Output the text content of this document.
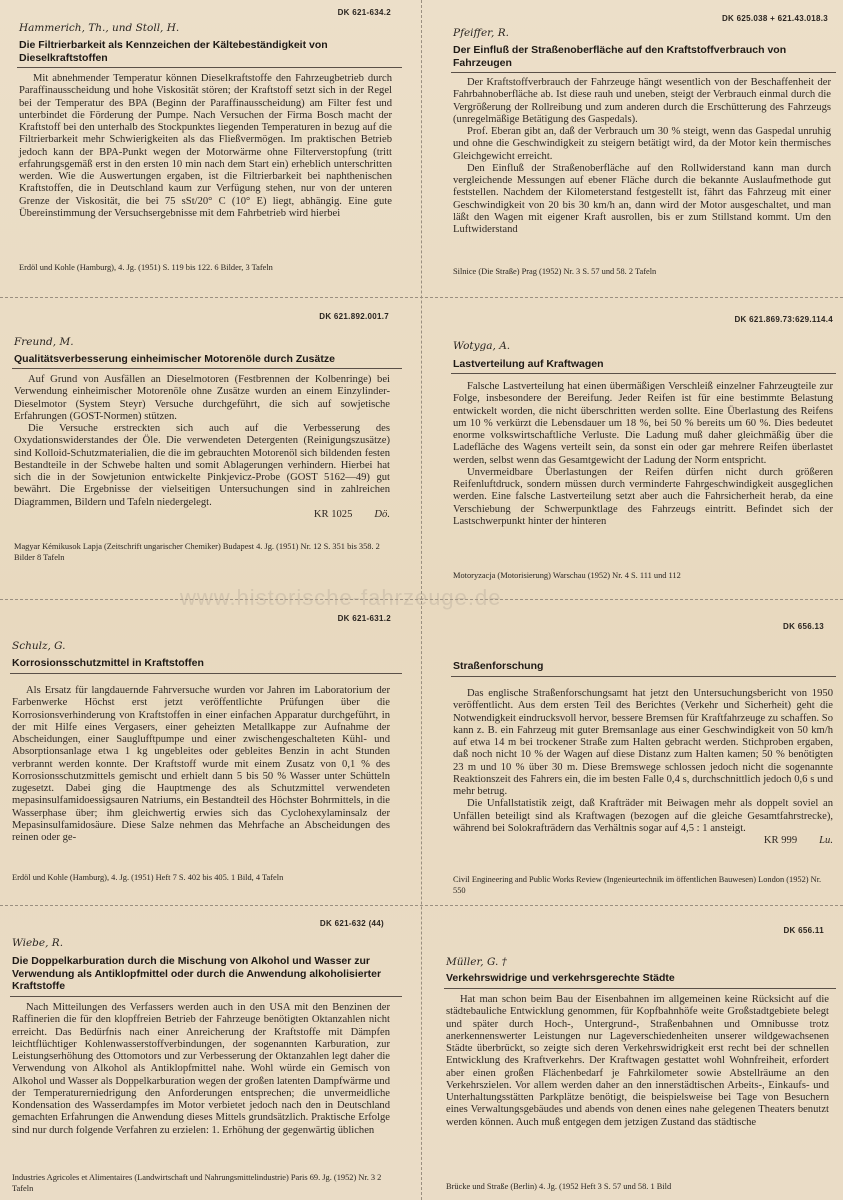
www.historische-fahrzeuge.de
DK 621-634.2
Hammerich, Th., und Stoll, H.
Die Filtrierbarkeit als Kennzeichen der Kältebeständigkeit von Dieselkraftstoffen

Mit abnehmender Temperatur können Dieselkraftstoffe den Fahrzeugbetrieb durch Paraffinausscheidung und hohe Viskosität stören; der Kraftstoff setzt sich in der Regel bei der Temperatur des BPA (Beginn der Paraffinausscheidung) am Filter fest und unterbindet die Förderung der Pumpe. Nach Versuchen der Firma Bosch macht der Kraftstoff bei den unterhalb des Stockpunktes liegenden Temperaturen in bezug auf die Filtrierbarkeit mehr Schwierigkeiten als das Fließvermögen. Im praktischen Betrieb jedoch kann der BPA-Punkt wegen der Motorwärme ohne Filterverstopfung (tritt erfahrungsgemäß erst in den ersten 10 min nach dem Start ein) erheblich unterschritten werden. Wie die Auswertungen ergaben, ist die Filtrierbarkeit bei naphthenischen Kraftstoffen, die in Deutschland kaum zur Verfügung stehen, nur von der unteren Grenze der Viskosität, die bei 75 sSt/20° C (10° E) liegt, abhängig. Eine gute Übereinstimmung der Versuchsergebnisse mit dem Fahrbetrieb wird hierbei

Erdöl und Kohle (Hamburg), 4. Jg. (1951) S. 119 bis 122. 6 Bilder, 3 Tafeln
DK 625.038 + 621.43.018.3
Pfeiffer, R.
Der Einfluß der Straßenoberfläche auf den Kraftstoffverbrauch von Fahrzeugen

Der Kraftstoffverbrauch der Fahrzeuge hängt wesentlich von der Beschaffenheit der Fahrbahnoberfläche ab. Ist diese rauh und uneben, steigt der Verbrauch einmal durch die Vergrößerung der Rollreibung und zum anderen durch die Erschütterung des Fahrzeugs (unregelmäßige Betätigung des Gaspedals).

Prof. Eberan gibt an, daß der Verbrauch um 30 % steigt, wenn das Gaspedal unruhig und ohne die Geschwindigkeit zu steigern betätigt wird, da der Motor kein thermisches Gleichgewicht erreicht.

Den Einfluß der Straßenoberfläche auf den Rollwiderstand kann man durch vergleichende Messungen auf ebener Fläche durch die bekannte Auslaufmethode gut feststellen. Nachdem der Kilometerstand festgestellt ist, fährt das Fahrzeug mit einer Geschwindigkeit von 20 bis 30 km/h an, dann wird der Motor ausgeschaltet, und man läßt den Wagen mit eigener Kraft ausrollen, bis er zum Stillstand kommt. Um den Luftwiderstand

Silnice (Die Straße) Prag (1952) Nr. 3 S. 57 und 58. 2 Tafeln
DK 621.892.001.7
Freund, M.
Qualitätsverbesserung einheimischer Motorenöle durch Zusätze

Auf Grund von Ausfällen an Dieselmotoren (Festbrennen der Kolbenringe) bei Verwendung einheimischer Motorenöle ohne Zusätze wurden an einem Einzylinder-Dieselmotor (System Steyr) Versuche durchgeführt, die sich auf sowjetische Erfahrungen (GOST-Normen) stützen.

Die Versuche erstreckten sich auch auf die Verbesserung des Oxydationswiderstandes der Öle. Die verwendeten Detergenten (Reinigungszusätze) sind Kolloid-Schutzmaterialien, die die im gebrauchten Motorenöl sich bildenden festen Bestandteile in der Schwebe halten und somit Ablagerungen verhindern. Hierbei hat sich die in der Sowjetunion entwickelte Pinkjevicz-Probe (GOST 5162—49) gut bewährt. Die Ergebnisse der vielseitigen Untersuchungen sind in zahlreichen Diagrammen, Bildern und Tafeln niedergelegt.

KR 1025 Dö.
Magyar Kémikusok Lapja (Zeitschrift ungarischer Chemiker) Budapest 4. Jg. (1951) Nr. 12 S. 351 bis 358. 2 Bilder 8 Tafeln
DK 621.869.73:629.114.4
Wotyga, A.
Lastverteilung auf Kraftwagen

Falsche Lastverteilung hat einen übermäßigen Verschleiß einzelner Fahrzeugteile zur Folge, insbesondere der Bereifung. Jeder Reifen ist für eine bestimmte Belastung entwickelt worden, die nicht überschritten werden sollte. Eine Überlastung des Reifens um 10 % verkürzt die Lebensdauer um 18 %, bei 50 % bereits um 60 %. Dies bedeutet enorme volkswirtschaftliche Verluste. Die Ladung muß daher gleichmäßig über die Ladefläche des Wagens verteilt sein, da sonst ein oder gar mehrere Reifen überlastet werden, selbst wenn das Gesamtgewicht der Ladung der Norm entspricht.

Unvermeidbare Überlastungen der Reifen dürfen nicht durch größeren Reifenluftdruck, sondern müssen durch verminderte Fahrgeschwindigkeit ausgeglichen werden. Eine falsche Lastverteilung setzt aber auch die Fahrsicherheit herab, da eine Verschiebung der Schwerpunktlage des Fahrzeugs eintritt. Befindet sich der Lastschwerpunkt hinter der hinteren

Motoryzacja (Motorisierung) Warschau (1952) Nr. 4 S. 111 und 112
DK 621-631.2
Schulz, G.
Korrosionsschutzmittel in Kraftstoffen

Als Ersatz für langdauernde Fahrversuche wurden vor Jahren im Laboratorium der Farbenwerke Höchst erst jetzt veröffentlichte Prüfungen über die Korrosionsverhinderung von Kraftstoffen in einer einfachen Apparatur durchgeführt, in der mit Hilfe eines Vergasers, einer geheizten Metallkappe zur Aufnahme der Abscheidungen, einer Sauglufftpumpe und einer zwischengeschalteten Kühl- und Absorptionsanlage etwa 1 kg ungebleites oder gebleites Benzin in acht Stunden verbrannt werden konnte. Der Kraftstoff wurde mit einem Zusatz von 0,1 % des Korrosionsschutzmittels gemischt und erhielt dann 5 bis 50 % Wasser unter Schütteln zugesetzt. Dabei ging die Hauptmenge des als Schutzmittel verwendeten mepasinsulfamidoessigsauren Natriums, ein Bestandteil des Höchster Bohrmittels, in die Wasserphase über; ihm gleichwertig erwies sich das Cyclohexylaminsalz der Mepasinsulfamidosäure. Diese Salze nehmen das Mehrfache an Abscheidungen des reinen oder ge-

Erdöl und Kohle (Hamburg), 4. Jg. (1951) Heft 7 S. 402 bis 405. 1 Bild, 4 Tafeln
DK 656.13
Straßenforschung

Das englische Straßenforschungsamt hat jetzt den Untersuchungsbericht von 1950 veröffentlicht. Aus dem ersten Teil des Berichtes (Verkehr und Sicherheit) geht die Notwendigkeit eindrucksvoll hervor, bessere Bremsen für Kraftfahrzeuge zu schaffen. So kann z. B. ein Fahrzeug mit guter Bremsanlage aus einer Geschwindigkeit von 50 km/h auf etwa 14 m bei trockener Straße zum Halten gebracht werden. Stichproben ergaben, daß noch nicht 10 % der Wagen auf diese Distanz zum Halten kamen; 50 % benötigten 23 m und 10 % über 30 m. Diese Bremswege schlossen jedoch nicht die sogenannte Reaktionszeit des Fahrers ein, die im besten Falle 0,4 s, durchschnittlich jedoch 0,6 s und mehr betrug.

Die Unfallstatistik zeigt, daß Krafträder mit Beiwagen mehr als doppelt soviel an Unfällen beteiligt sind als Kraftwagen (bezogen auf die gleiche Gesamtfahrstrecke), während bei Solokrafträdern das Verhältnis sogar auf 4,5 : 1 ansteigt.

KR 999 Lu.
Civil Engineering and Public Works Review (Ingenieurtechnik im öffentlichen Bauwesen) London (1952) Nr. 550
DK 621-632 (44)
Wiebe, R.
Die Doppelkarburation durch die Mischung von Alkohol und Wasser zur Verwendung als Antiklopfmittel oder durch die Anwendung alkoholisierter Kraftstoffe

Nach Mitteilungen des Verfassers werden auch in den USA mit den Benzinen der Raffinerien die für den klopffreien Betrieb der Fahrzeuge benötigten Oktanzahlen nicht erreicht. Das Bedürfnis nach einer Anreicherung der Kraftstoffe mit Dämpfen leichtflüchtiger Kohlenwasserstoffverbindungen, der sogenannten Karburation, zur Leistungserhöhung des Ottomotors und zur Verbesserung der Oktanzahlen legt daher die Verwendung von Alkohol als Antiklopfmittel nahe. Wohl würde ein Gemisch von Alkohol und Wasser als Doppelkarburation wegen der großen latenten Dampfwärme und der Temperaturerniedrigung den Anforderungen entsprechen; die unvermeidliche Kondensation des Wasserdampfes im Motor verbietet jedoch nach den in Deutschland gemachten Erfahrungen die Anwendung dieses Mittels grundsätzlich. Praktische Erfolge sind nur durch folgende Verfahren zu erzielen: 1. Erhöhung der gegenwärtig üblichen

Industries Agricoles et Alimentaires (Landwirtschaft und Nahrungsmittelindustrie) Paris 69. Jg. (1952) Nr. 3 2 Tafeln
DK 656.11
Müller, G. †
Verkehrswidrige und verkehrsgerechte Städte

Hat man schon beim Bau der Eisenbahnen im allgemeinen keine Rücksicht auf die städtebauliche Entwicklung genommen, für Kopfbahnhöfe weite Großstadtgebiete belegt und später durch Hoch-, Untergrund-, Straßenbahnen und Omnibusse trotz anerkennenswerter Leistungen nur Lageverschiedenheiten unserer wildgewachsenen Städte überbrückt, so zeigte sich deren Verkehrswidrigkeit erst recht bei der schnellen Entwicklung des Kraftverkehrs. Der Kraftwagen gestattet wohl Wohnfreiheit, erfordert aber einen großen Flächenbedarf je Fahrkilometer sowie Abstellräume an den Verkehrszielen. Vor allem werden daher an den innerstädtischen Arbeits-, Einkaufs- und Unterhaltungsstätten Parkplätze benötigt, die beispielsweise bei Tage von Besuchern eines Verwaltungsgebäudes und abends von denen eines nahe gelegenen Theaters benutzt werden können. Auch muß entgegen dem jetzigen Zustand das städtische

Brücke und Straße (Berlin) 4. Jg. (1952 Heft 3 S. 57 und 58. 1 Bild
